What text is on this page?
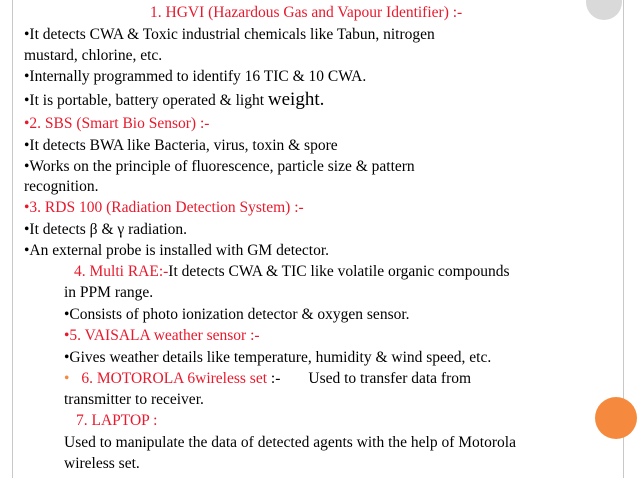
1. HGVI (Hazardous Gas and Vapour Identifier) :-
•It detects CWA & Toxic industrial chemicals like Tabun, nitrogen
mustard, chlorine, etc.
•Internally programmed to identify 16 TIC & 10 CWA.
•It is portable, battery operated & light weight.
•2. SBS (Smart Bio Sensor) :-
•It detects BWA like Bacteria, virus, toxin & spore
•Works on the principle of fluorescence, particle size & pattern
recognition.
•3. RDS 100 (Radiation Detection System) :-
•It detects β & γ radiation.
•An external probe is installed with GM detector.
4. Multi RAE:-It detects CWA & TIC like volatile organic compounds
in PPM range.
•Consists of photo ionization detector & oxygen sensor.
•5. VAISALA weather sensor :-
•Gives weather details like temperature, humidity & wind speed, etc.
• 6. MOTOROLA 6wireless set :- Used to transfer data from
transmitter to receiver.
7. LAPTOP :
Used to manipulate the data of detected agents with the help of Motorola
wireless set.
